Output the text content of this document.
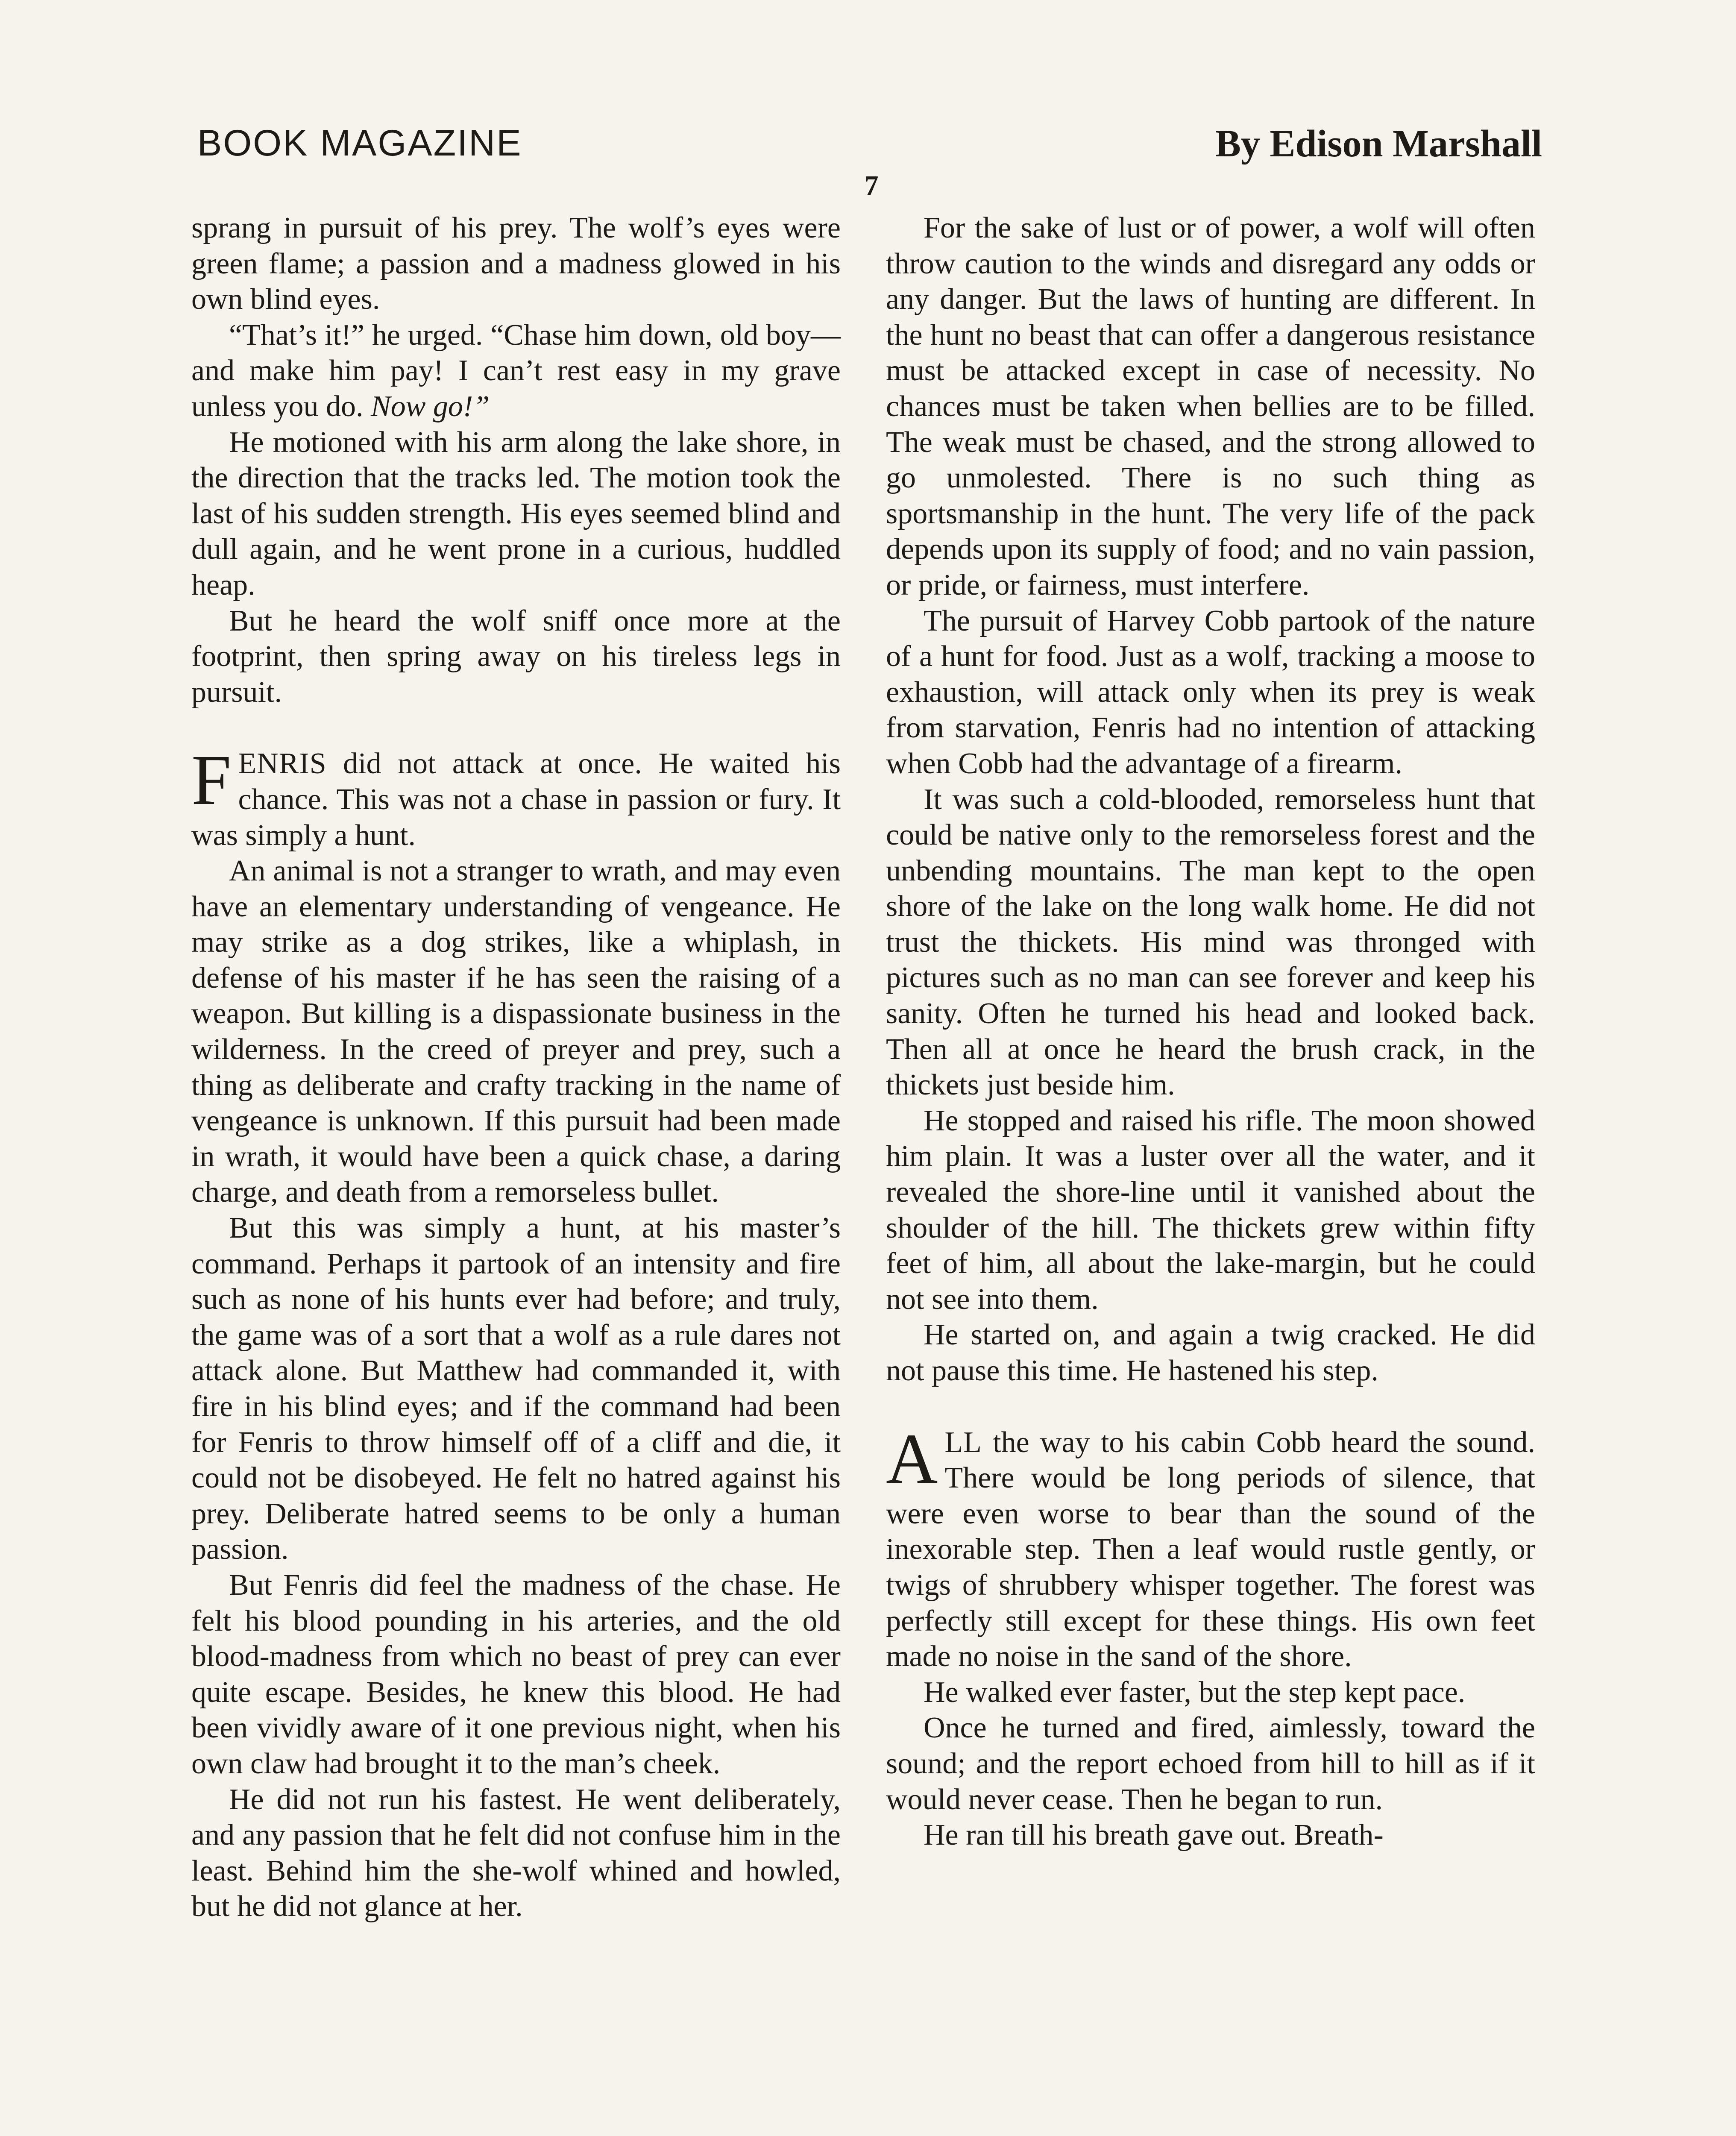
BOOK MAGAZINE	By Edison Marshall
7

sprang in pursuit of his prey. The wolf’s eyes were green flame; a passion and a madness glowed in his own blind eyes.

“That’s it!” he urged. “Chase him down, old boy—and make him pay! I can’t rest easy in my grave unless you do. Now go!”

He motioned with his arm along the lake shore, in the direction that the tracks led. The motion took the last of his sudden strength. His eyes seemed blind and dull again, and he went prone in a curious, huddled heap.

But he heard the wolf sniff once more at the footprint, then spring away on his tireless legs in pursuit.

FENRIS did not attack at once. He waited his chance. This was not a chase in passion or fury. It was simply a hunt.

An animal is not a stranger to wrath, and may even have an elementary understanding of vengeance. He may strike as a dog strikes, like a whiplash, in defense of his master if he has seen the raising of a weapon. But killing is a dispassionate business in the wilderness. In the creed of preyer and prey, such a thing as deliberate and crafty tracking in the name of vengeance is unknown. If this pursuit had been made in wrath, it would have been a quick chase, a daring charge, and death from a remorseless bullet.

But this was simply a hunt, at his master’s command. Perhaps it partook of an intensity and fire such as none of his hunts ever had before; and truly, the game was of a sort that a wolf as a rule dares not attack alone. But Matthew had commanded it, with fire in his blind eyes; and if the command had been for Fenris to throw himself off of a cliff and die, it could not be disobeyed. He felt no hatred against his prey. Deliberate hatred seems to be only a human passion.

But Fenris did feel the madness of the chase. He felt his blood pounding in his arteries, and the old blood-madness from which no beast of prey can ever quite escape. Besides, he knew this blood. He had been vividly aware of it one previous night, when his own claw had brought it to the man’s cheek.

He did not run his fastest. He went deliberately, and any passion that he felt did not confuse him in the least. Behind him the she-wolf whined and howled, but he did not glance at her.

For the sake of lust or of power, a wolf will often throw caution to the winds and disregard any odds or any danger. But the laws of hunting are different. In the hunt no beast that can offer a dangerous resistance must be attacked except in case of necessity. No chances must be taken when bellies are to be filled. The weak must be chased, and the strong allowed to go unmolested. There is no such thing as sportsmanship in the hunt. The very life of the pack depends upon its supply of food; and no vain passion, or pride, or fairness, must interfere.

The pursuit of Harvey Cobb partook of the nature of a hunt for food. Just as a wolf, tracking a moose to exhaustion, will attack only when its prey is weak from starvation, Fenris had no intention of attacking when Cobb had the advantage of a firearm.

It was such a cold-blooded, remorseless hunt that could be native only to the remorseless forest and the unbending mountains. The man kept to the open shore of the lake on the long walk home. He did not trust the thickets. His mind was thronged with pictures such as no man can see forever and keep his sanity. Often he turned his head and looked back. Then all at once he heard the brush crack, in the thickets just beside him.

He stopped and raised his rifle. The moon showed him plain. It was a luster over all the water, and it revealed the shore-line until it vanished about the shoulder of the hill. The thickets grew within fifty feet of him, all about the lake-margin, but he could not see into them.

He started on, and again a twig cracked. He did not pause this time. He hastened his step.

ALL the way to his cabin Cobb heard the sound. There would be long periods of silence, that were even worse to bear than the sound of the inexorable step. Then a leaf would rustle gently, or twigs of shrubbery whisper together. The forest was perfectly still except for these things. His own feet made no noise in the sand of the shore.

He walked ever faster, but the step kept pace.

Once he turned and fired, aimlessly, toward the sound; and the report echoed from hill to hill as if it would never cease. Then he began to run.

He ran till his breath gave out. Breath-
